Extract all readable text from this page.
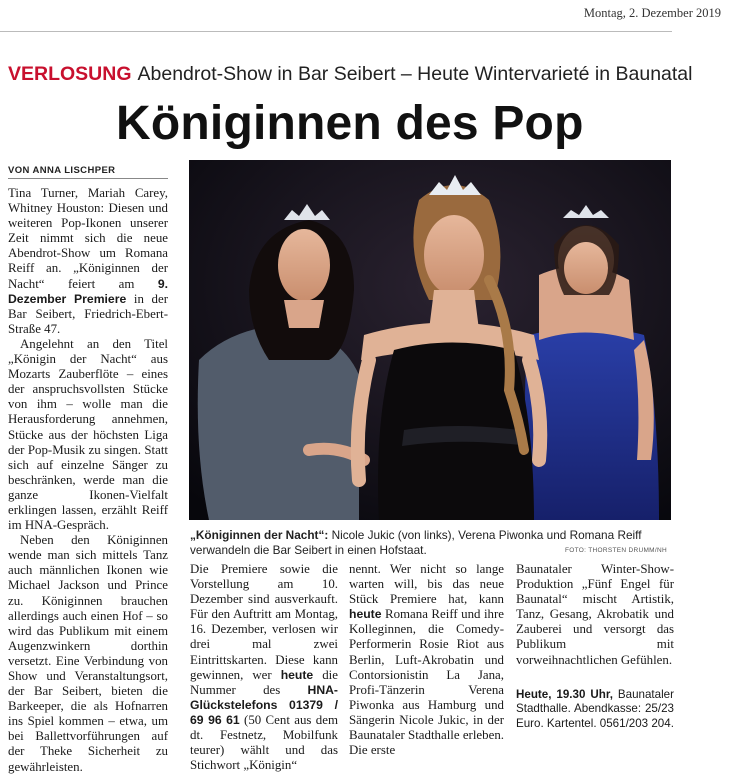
Montag, 2. Dezember 2019
VERLOSUNG Abendrot-Show in Bar Seibert – Heute Wintervarieté in Baunatal
Königinnen des Pop
VON ANNA LISCHPER

Tina Turner, Mariah Carey, Whitney Houston: Diesen und weiteren Pop-Ikonen unserer Zeit nimmt sich die neue Abendrot-Show um Romana Reiff an. „Königinnen der Nacht“ feiert am 9. Dezember Premiere in der Bar Seibert, Friedrich-Ebert-Straße 47.

Angelehnt an den Titel „Königin der Nacht“ aus Mozarts Zauberflöte – eines der anspruchsvollsten Stücke von ihm – wolle man die Herausforderung annehmen, Stücke aus der höchsten Liga der Pop-Musik zu singen. Statt sich auf einzelne Sänger zu beschränken, werde man die ganze Ikonen-Vielfalt erklingen lassen, erzählt Reiff im HNA-Gespräch.

Neben den Königinnen wende man sich mittels Tanz auch männlichen Ikonen wie Michael Jackson und Prince zu. Königinnen brauchen allerdings auch einen Hof – so wird das Publikum mit einem Augenzwinkern dorthin versetzt. Eine Verbindung von Show und Veranstaltungsort, der Bar Seibert, bieten die Barkeeper, die als Hofnarren ins Spiel kommen – etwa, um bei Ballettvorführungen auf der Theke Sicherheit zu gewährleisten.

„Königinnen der Nacht“: Nicole Jukic (von links), Verena Piwonka und Romana Reiff verwandeln die Bar Seibert in einen Hofstaat.	FOTO: THORSTEN DRUMM/NH

Die Premiere sowie die Vorstellung am 10. Dezember sind ausverkauft. Für den Auftritt am Montag, 16. Dezember, verlosen wir drei mal zwei Eintrittskarten. Diese kann gewinnen, wer heute die Nummer des HNA-Glückstelefons 01379 / 69 96 61 (50 Cent aus dem dt. Festnetz, Mobilfunk teurer) wählt und das Stichwort „Königin“

nennt. Wer nicht so lange warten will, bis das neue Stück Premiere hat, kann heute Romana Reiff und ihre Kolleginnen, die Comedy-Performerin Rosie Riot aus Berlin, Luft-Akrobatin und Contorsionistin La Jana, Profi-Tänzerin Verena Piwonka aus Hamburg und Sängerin Nicole Jukic, in der Baunataler Stadthalle erleben. Die erste

Baunataler Winter-Show-Produktion „Fünf Engel für Baunatal“ mischt Artistik, Tanz, Gesang, Akrobatik und Zauberei und versorgt das Publikum mit vorweihnachtlichen Gefühlen.

Heute, 19.30 Uhr, Baunataler Stadthalle. Abendkasse: 25/23 Euro. Kartentel. 0561/203 204.
